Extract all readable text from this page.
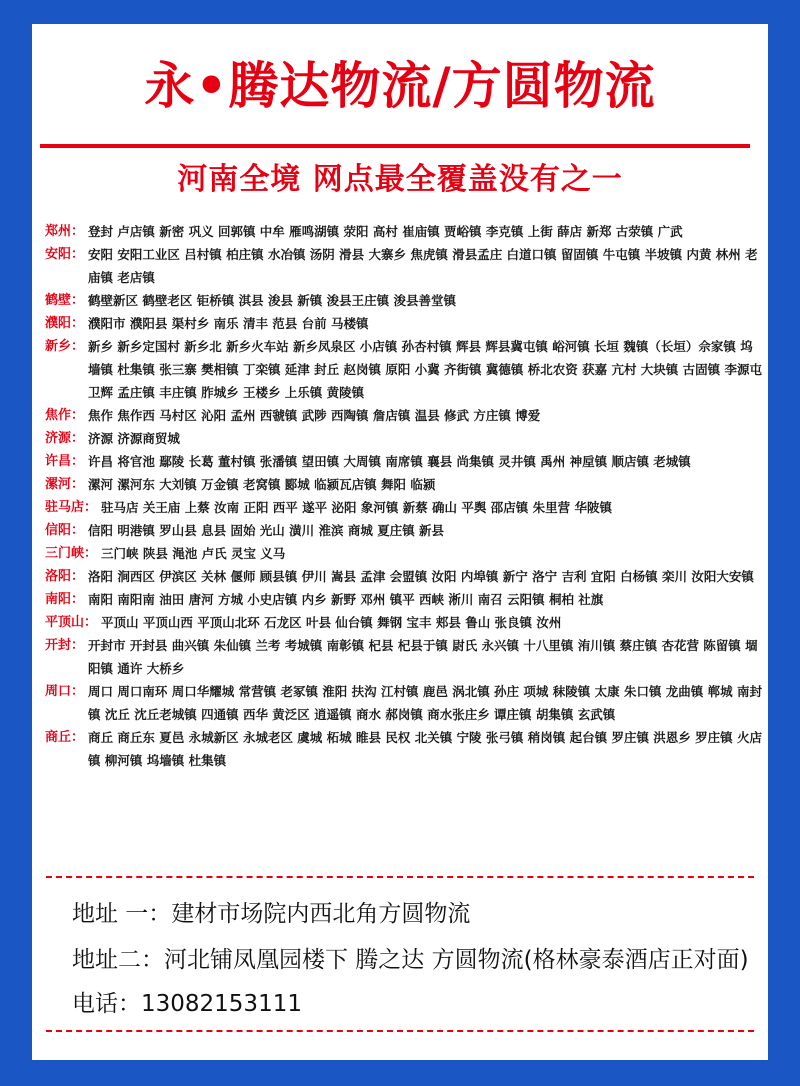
永•腾达物流/方圆物流
河南全境 网点最全覆盖没有之一
郑州： 登封 卢店镇 新密 巩义 回郭镇 中牟 雁鸣湖镇 荥阳 高村 崔庙镇 贾峪镇 李克镇 上街 薛店 新郑 古荥镇 广武
安阳： 安阳 安阳工业区 吕村镇 柏庄镇 水冶镇 汤阴 滑县 大寨乡 焦虎镇 滑县孟庄 白道口镇 留固镇 牛屯镇 半坡镇 内黄 林州 老庙镇 老店镇
鹤壁： 鹤壁新区 鹤壁老区 钜桥镇 淇县 浚县 新镇 浚县王庄镇 浚县善堂镇
濮阳： 濮阳市 濮阳县 渠村乡 南乐 清丰 范县 台前 马楼镇
新乡： 新乡 新乡定国村 新乡北 新乡火车站 新乡凤泉区 小店镇 孙杏村镇 辉县 辉县冀屯镇 峪河镇 长垣 魏镇（长垣）佘家镇 坞墙镇 杜集镇 张三寨 樊相镇 丁栾镇 延津 封丘 赵岗镇 原阳 小冀 齐街镇 冀德镇 桥北农资 获嘉 亢村 大块镇 古固镇 李源屯 卫辉 孟庄镇 丰庄镇 胙城乡 王楼乡 上乐镇 黄陵镇
焦作： 焦作 焦作西 马村区 沁阳 孟州 西虢镇 武陟 西陶镇 詹店镇 温县 修武 方庄镇 博爱
济源： 济源 济源商贸城
许昌： 许昌 将官池 鄢陵 长葛 董村镇 张潘镇 望田镇 大周镇 南席镇 襄县 尚集镇 灵井镇 禹州 神垕镇 顺店镇 老城镇
漯河： 漯河 漯河东 大刘镇 万金镇 老窝镇 郾城 临颍瓦店镇 舞阳 临颍
驻马店： 驻马店 关王庙 上蔡 汝南 正阳 西平 遂平 泌阳 象河镇 新蔡 确山 平舆 邵店镇 朱里营 华陂镇
信阳： 信阳 明港镇 罗山县 息县 固始 光山 潢川 淮滨 商城 夏庄镇 新县
三门峡： 三门峡 陕县 渑池 卢氏 灵宝 义马
洛阳： 洛阳 涧西区 伊滨区 关林 偃师 顾县镇 伊川 嵩县 孟津 会盟镇 汝阳 内埠镇 新宁 洛宁 吉利 宜阳 白杨镇 栾川 汝阳大安镇
南阳： 南阳 南阳南 油田 唐河 方城 小史店镇 内乡 新野 邓州 镇平 西峡 淅川 南召 云阳镇 桐柏 社旗
平顶山： 平顶山 平顶山西 平顶山北环 石龙区 叶县 仙台镇 舞钢 宝丰 郏县 鲁山 张良镇 汝州
开封： 开封市 开封县 曲兴镇 朱仙镇 兰考 考城镇 南彰镇 杞县 杞县于镇 尉氏 永兴镇 十八里镇 洧川镇 蔡庄镇 杏花营 陈留镇 堌阳镇 通许 大桥乡
周口： 周口 周口南环 周口华耀城 常营镇 老冢镇 淮阳 扶沟 江村镇 鹿邑 涡北镇 孙庄 项城 秣陵镇 太康 朱口镇 龙曲镇 郸城 南封镇 沈丘 沈丘老城镇 四通镇 西华 黄泛区 逍遥镇 商水 郝岗镇 商水张庄乡 谭庄镇 胡集镇 玄武镇
商丘： 商丘 商丘东 夏邑 永城新区 永城老区 虞城 柘城 睢县 民权 北关镇 宁陵 张弓镇 稍岗镇 起台镇 罗庄镇 洪恩乡 罗庄镇 火店镇 柳河镇 坞墙镇 杜集镇
地址 一：建材市场院内西北角方圆物流
地址二：河北铺凤凰园楼下 腾之达 方圆物流(格林豪泰酒店正对面)
电话：13082153111
